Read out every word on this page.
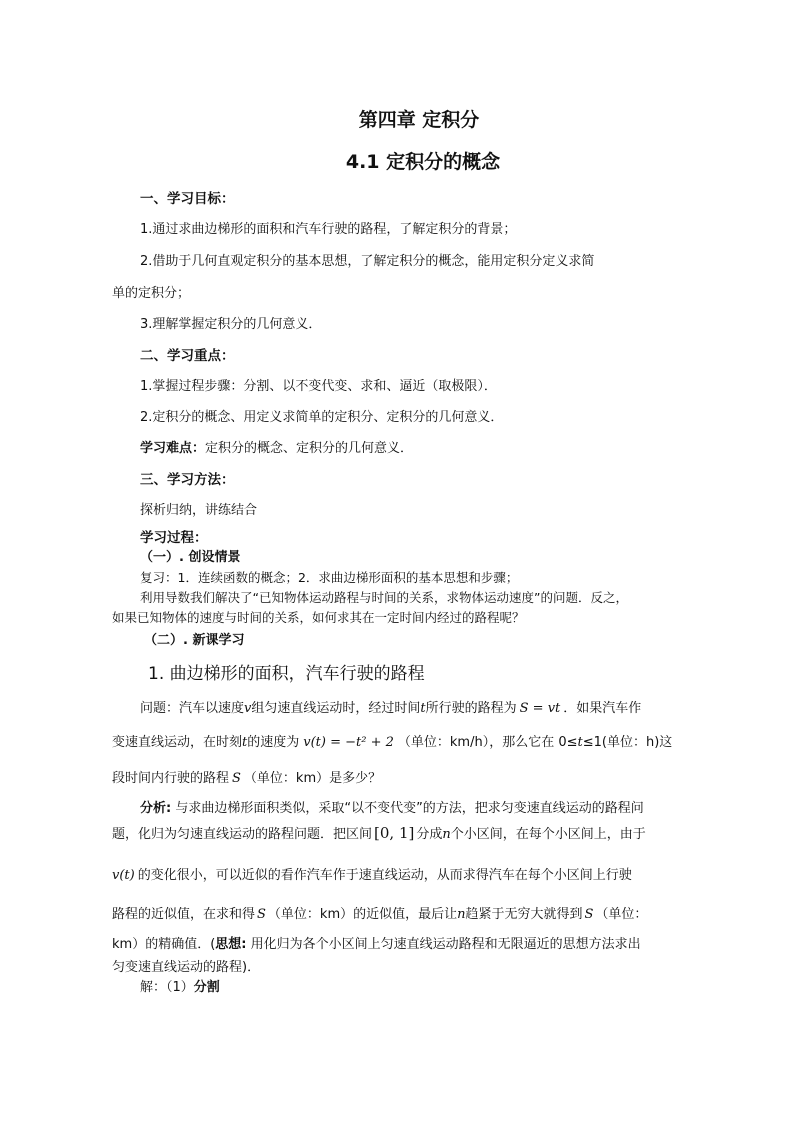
第四章 定积分
4.1 定积分的概念
一、学习目标：
1.通过求曲边梯形的面积和汽车行驶的路程，了解定积分的背景；
2.借助于几何直观定积分的基本思想，了解定积分的概念，能用定积分定义求简
单的定积分；
3.理解掌握定积分的几何意义．
二、学习重点：
1.掌握过程步骤：分割、以不变代变、求和、逼近（取极限）．
2.定积分的概念、用定义求简单的定积分、定积分的几何意义．
学习难点：定积分的概念、定积分的几何意义．
三、学习方法：
探析归纳，讲练结合
学习过程：
（一）. 创设情景
复习：1．连续函数的概念；2．求曲边梯形面积的基本思想和步骤；
利用导数我们解决了“已知物体运动路程与时间的关系，求物体运动速度”的问题．反之，
如果已知物体的速度与时间的关系，如何求其在一定时间内经过的路程呢？
（二）. 新课学习
1. 曲边梯形的面积，汽车行驶的路程
问题：汽车以速度v组匀速直线运动时，经过时间t所行驶的路程为 S = vt ．如果汽车作
变速直线运动，在时刻t的速度为 v(t) = −t² + 2 （单位：km/h），那么它在 0≤t≤1(单位：h)这
段时间内行驶的路程 S （单位：km）是多少？
分析: 与求曲边梯形面积类似，采取“以不变代变”的方法，把求匀变速直线运动的路程问
题，化归为匀速直线运动的路程问题．把区间 [0, 1] 分成n个小区间，在每个小区间上，由于
v(t) 的变化很小，可以近似的看作汽车作于速直线运动，从而求得汽车在每个小区间上行驶
路程的近似值，在求和得 S （单位：km）的近似值，最后让n趋紧于无穷大就得到 S （单位：
km）的精确值．(思想: 用化归为各个小区间上匀速直线运动路程和无限逼近的思想方法求出
匀变速直线运动的路程)．
解：（1）分割
